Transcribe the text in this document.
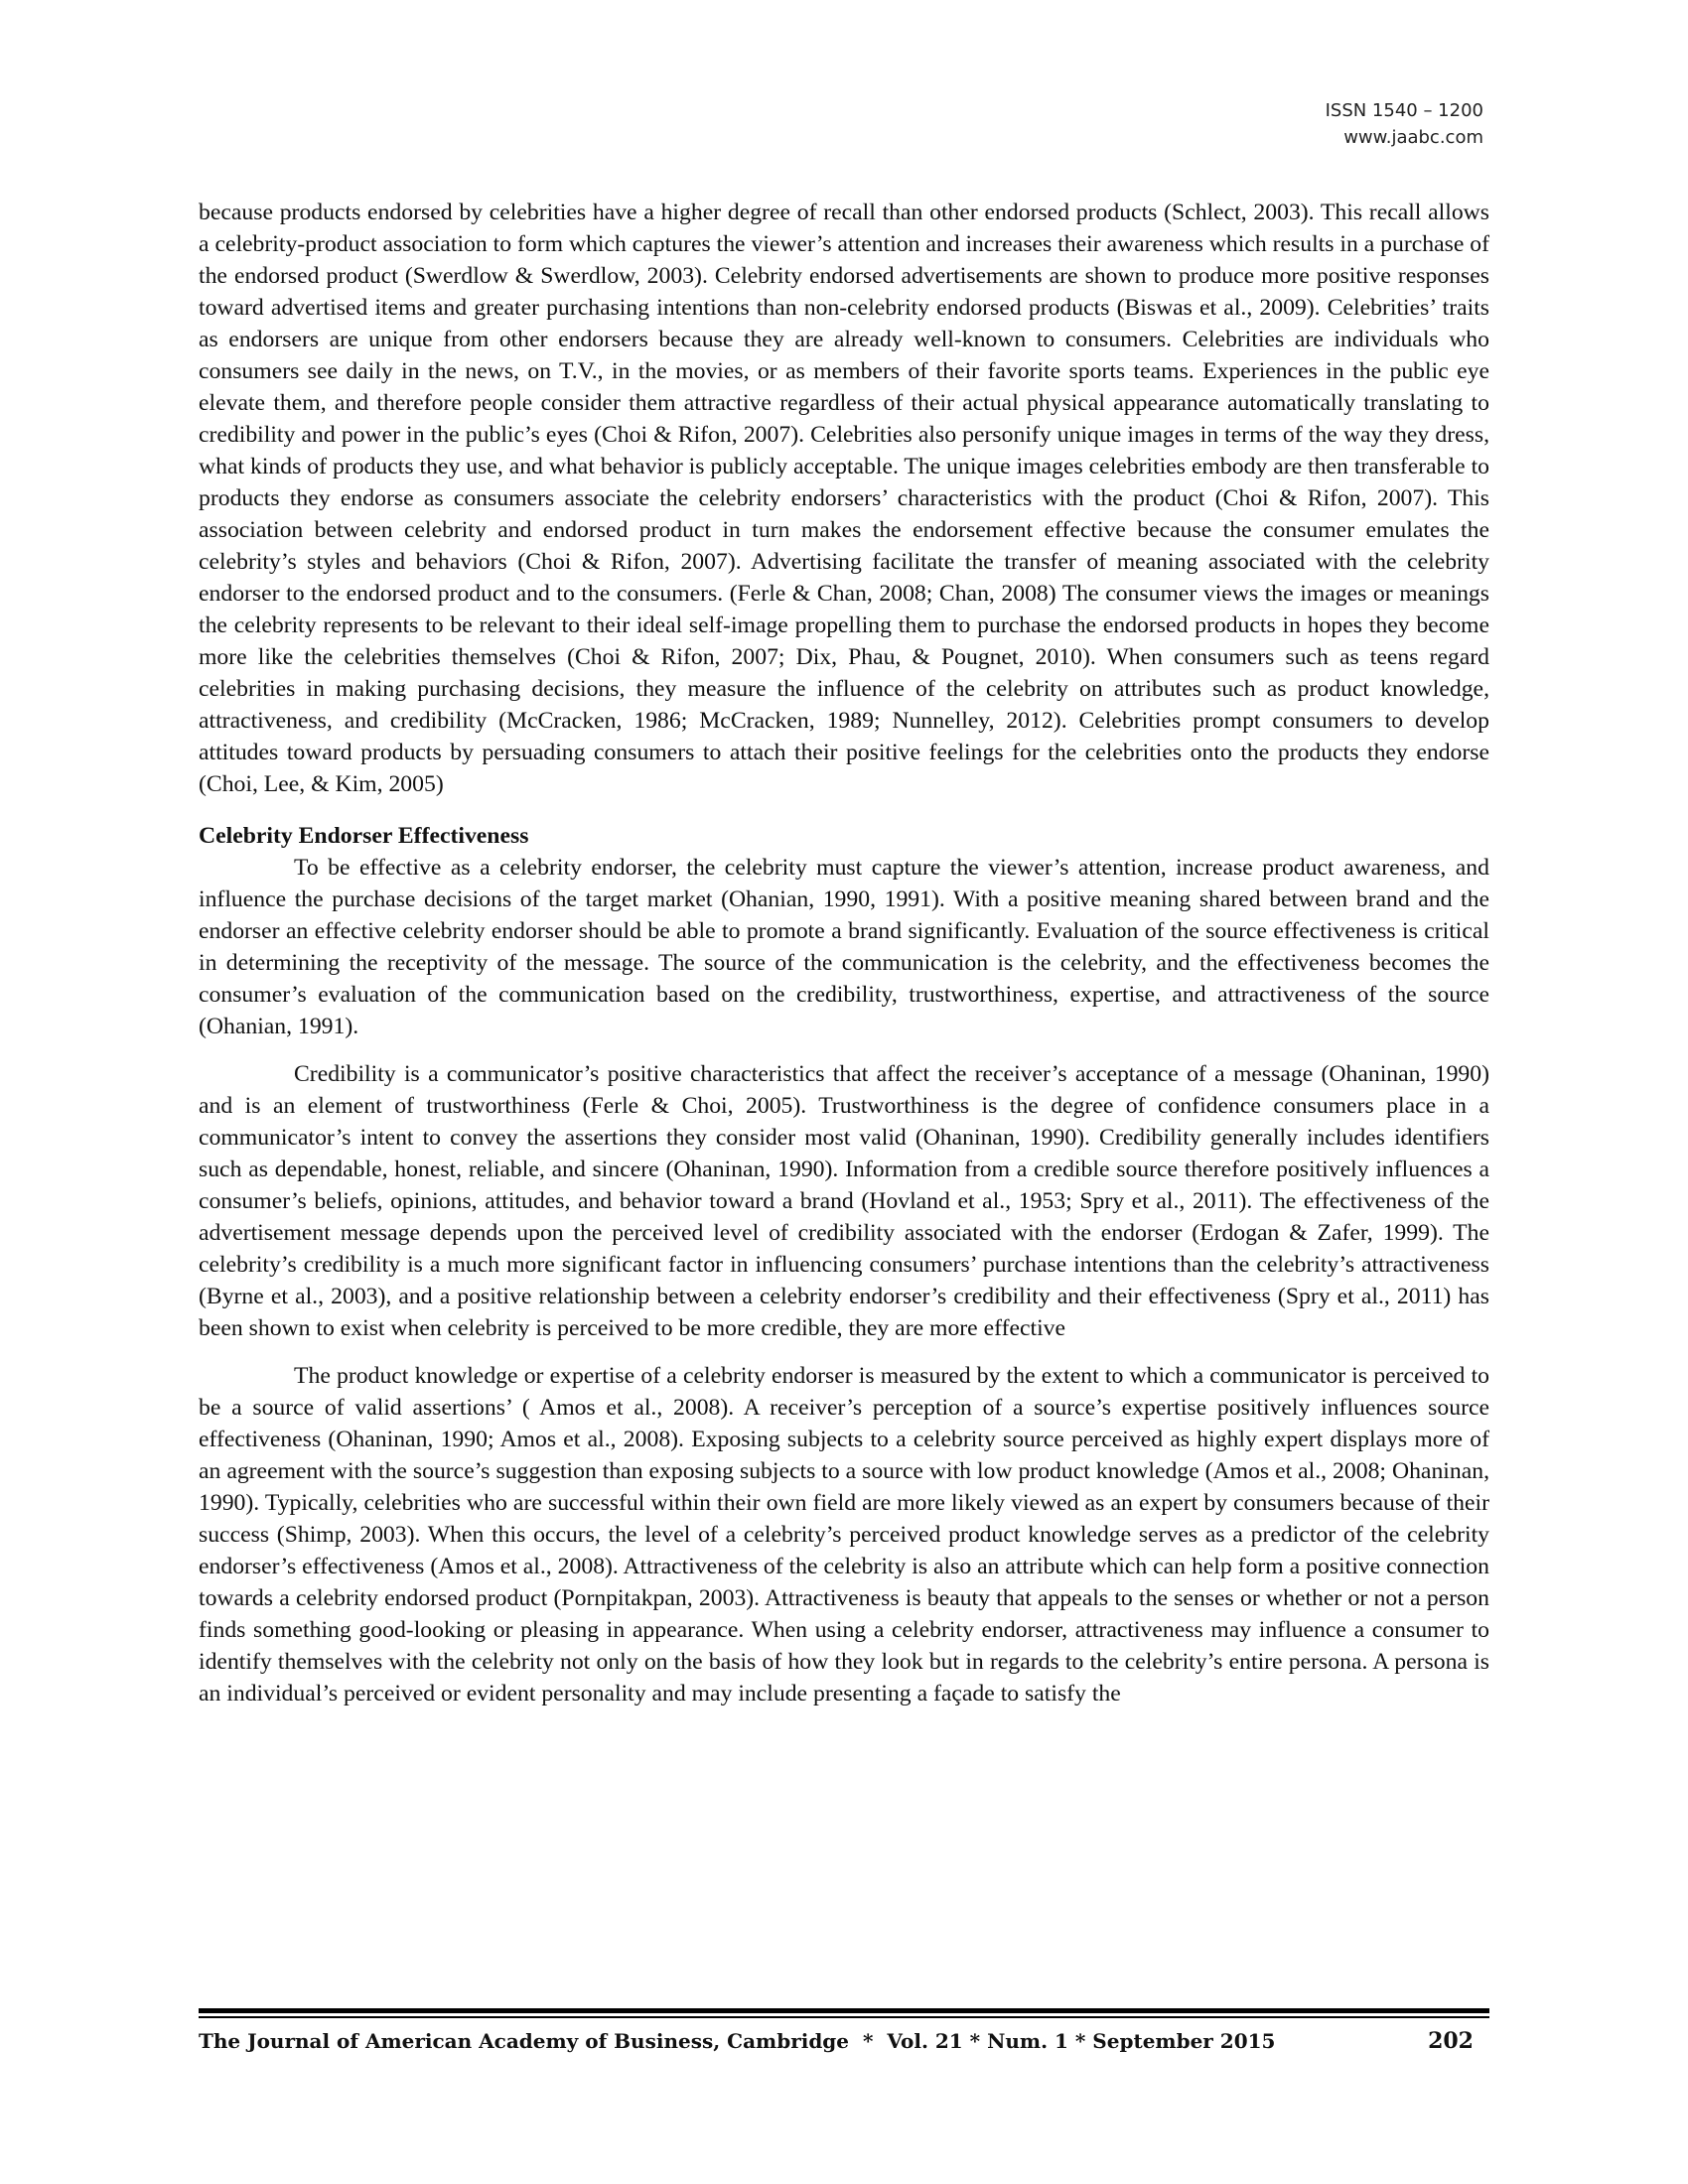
ISSN 1540 – 1200
www.jaabc.com

because products endorsed by celebrities have a higher degree of recall than other endorsed products (Schlect, 2003). This recall allows a celebrity-product association to form which captures the viewer’s attention and increases their awareness which results in a purchase of the endorsed product (Swerdlow & Swerdlow, 2003). Celebrity endorsed advertisements are shown to produce more positive responses toward advertised items and greater purchasing intentions than non-celebrity endorsed products (Biswas et al., 2009). Celebrities’ traits as endorsers are unique from other endorsers because they are already well-known to consumers. Celebrities are individuals who consumers see daily in the news, on T.V., in the movies, or as members of their favorite sports teams. Experiences in the public eye elevate them, and therefore people consider them attractive regardless of their actual physical appearance automatically translating to credibility and power in the public’s eyes (Choi & Rifon, 2007). Celebrities also personify unique images in terms of the way they dress, what kinds of products they use, and what behavior is publicly acceptable. The unique images celebrities embody are then transferable to products they endorse as consumers associate the celebrity endorsers’ characteristics with the product (Choi & Rifon, 2007). This association between celebrity and endorsed product in turn makes the endorsement effective because the consumer emulates the celebrity’s styles and behaviors (Choi & Rifon, 2007). Advertising facilitate the transfer of meaning associated with the celebrity endorser to the endorsed product and to the consumers. (Ferle & Chan, 2008; Chan, 2008) The consumer views the images or meanings the celebrity represents to be relevant to their ideal self-image propelling them to purchase the endorsed products in hopes they become more like the celebrities themselves (Choi & Rifon, 2007; Dix, Phau, & Pougnet, 2010). When consumers such as teens regard celebrities in making purchasing decisions, they measure the influence of the celebrity on attributes such as product knowledge, attractiveness, and credibility (McCracken, 1986; McCracken, 1989; Nunnelley, 2012). Celebrities prompt consumers to develop attitudes toward products by persuading consumers to attach their positive feelings for the celebrities onto the products they endorse (Choi, Lee, & Kim, 2005)

Celebrity Endorser Effectiveness

To be effective as a celebrity endorser, the celebrity must capture the viewer’s attention, increase product awareness, and influence the purchase decisions of the target market (Ohanian, 1990, 1991). With a positive meaning shared between brand and the endorser an effective celebrity endorser should be able to promote a brand significantly. Evaluation of the source effectiveness is critical in determining the receptivity of the message. The source of the communication is the celebrity, and the effectiveness becomes the consumer’s evaluation of the communication based on the credibility, trustworthiness, expertise, and attractiveness of the source (Ohanian, 1991).

Credibility is a communicator’s positive characteristics that affect the receiver’s acceptance of a message (Ohaninan, 1990) and is an element of trustworthiness (Ferle & Choi, 2005). Trustworthiness is the degree of confidence consumers place in a communicator’s intent to convey the assertions they consider most valid (Ohaninan, 1990). Credibility generally includes identifiers such as dependable, honest, reliable, and sincere (Ohaninan, 1990). Information from a credible source therefore positively influences a consumer’s beliefs, opinions, attitudes, and behavior toward a brand (Hovland et al., 1953; Spry et al., 2011). The effectiveness of the advertisement message depends upon the perceived level of credibility associated with the endorser (Erdogan & Zafer, 1999). The celebrity’s credibility is a much more significant factor in influencing consumers’ purchase intentions than the celebrity’s attractiveness (Byrne et al., 2003), and a positive relationship between a celebrity endorser’s credibility and their effectiveness (Spry et al., 2011) has been shown to exist when celebrity is perceived to be more credible, they are more effective

The product knowledge or expertise of a celebrity endorser is measured by the extent to which a communicator is perceived to be a source of valid assertions’ ( Amos et al., 2008). A receiver’s perception of a source’s expertise positively influences source effectiveness (Ohaninan, 1990; Amos et al., 2008). Exposing subjects to a celebrity source perceived as highly expert displays more of an agreement with the source’s suggestion than exposing subjects to a source with low product knowledge (Amos et al., 2008; Ohaninan, 1990). Typically, celebrities who are successful within their own field are more likely viewed as an expert by consumers because of their success (Shimp, 2003). When this occurs, the level of a celebrity’s perceived product knowledge serves as a predictor of the celebrity endorser’s effectiveness (Amos et al., 2008). Attractiveness of the celebrity is also an attribute which can help form a positive connection towards a celebrity endorsed product (Pornpitakpan, 2003). Attractiveness is beauty that appeals to the senses or whether or not a person finds something good-looking or pleasing in appearance. When using a celebrity endorser, attractiveness may influence a consumer to identify themselves with the celebrity not only on the basis of how they look but in regards to the celebrity’s entire persona. A persona is an individual’s perceived or evident personality and may include presenting a façade to satisfy the

The Journal of American Academy of Business, Cambridge  *  Vol. 21 * Num. 1 * September 2015	202
